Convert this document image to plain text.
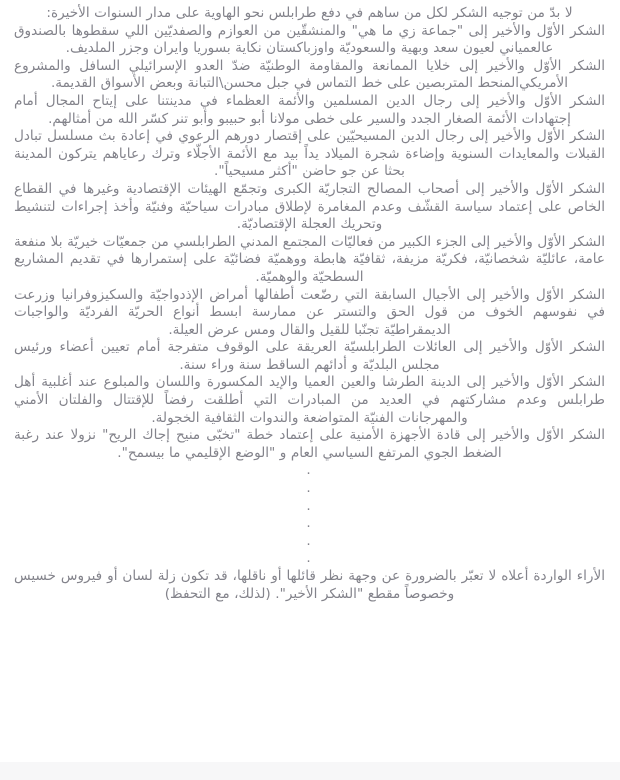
لا بدّ من توجيه الشكر لكل من ساهم في دفع طرابلس نحو الهاوية على مدار السنوات الأخيرة:

الشكر الأوّل والأخير إلى "جماعة زي ما هي" والمنشقّين من العوازم والصفديّين اللي سقطوها بالصندوق عالعمياني لعيون سعد وبهية والسعوديّة واوزباكستان نكاية بسوريا وايران وجزر الملديف.

الشكر الأوّل والأخير إلى خلايا الممانعة والمقاومة الوطنيّة ضدّ العدو الإسرائيلي السافل والمشروع الأمريكي‌المنحط المتربصين على خط التماس في جبل محسن\التبانة وبعض الأسواق القديمة.

الشكر الأوّل والأخير إلى رجال الدين المسلمين والأئمة العظماء في مدينتنا على إيتاح المجال أمام إجتهادات الأئمة الصغار الجدد والسير على خطى مولانا أبو حبيبو وأبو تنر كسّر الله من أمثالهم.

الشكر الأوّل والأخير إلى رجال الدين المسيحيّين على إقتصار دورهم الرعوي في إعادة بث مسلسل تبادل القبلات والمعايدات السنوية وإضاءة شجرة الميلاد يداً بيد مع الأئمة الأجلّاء وترك رعاياهم يتركون المدينة بحثا عن جو حاضن "أكثر مسيحياً".

الشكر الأوّل والأخير إلى أصحاب المصالح التجاريّة الكبرى وتجمّع الهيئات الإقتصادية وغيرها في القطاع الخاص على إعتماد سياسة القشّف وعدم المغامرة لإطلاق مبادرات سياحيّة وفنيّة وأخذ إجراءات لتنشيط وتحريك العجلة الإقتصاديّة.

الشكر الأوّل والأخير إلى الجزء الكبير من فعاليّات المجتمع المدني الطرابلسي من جمعيّات خيريّة بلا منفعة عامة، عائليّة شخصانيّة، فكريّة مزيفة، ثقافيّة هابطة ووهميّة فضائيّة على إستمرارها في تقديم المشاريع السطحيّة والوهميّة.

الشكر الأوّل والأخير إلى الأجيال السابقة التي رضّعت أطفالها أمراض الإذدواجيّة والسكيزوفرانيا وزرعت في نفوسهم الخوف من قول الحق والتستر عن ممارسة ابسط أنواع الحريّة الفرديّة والواجبات الديمقراطيّة تجنّبا للقيل والقال ومس عرض العيلة.

الشكر الأوّل والأخير إلى العائلات الطرابلسيّة العريقة على الوقوف متفرجة أمام تعيين أعضاء ورئيس مجلس البلديّة و أدائهم الساقط سنة وراء سنة.

الشكر الأوّل والأخير إلى الدينة الطرشا والعين العميا والإيد المكسورة واللسان والمبلوع عند أغلبية أهل طرابلس وعدم مشاركتهم في العديد من المبادرات التي أطلقت رفضاً للإقتتال والفلتان الأمني والمهرجانات الفنيّة المتواضعة والندوات الثقافية الخجولة.

الشكر الأوّل والأخير إلى قادة الأجهزة الأمنية على إعتماد خطة "تخبّى منيح إجاك الريح" نزولا عند رغبة الضغط الجوي المرتفع السياسي العام و "الوضع الإقليمي ما بيسمح".

.
.
.
.
.
.

الأراء الواردة أعلاه لا تعبّر بالضرورة عن وجهة نظر قائلها أو ناقلها، قد تكون زلة لسان أو فيروس خسيس وخصوصاً مقطع "الشكر الأخير". (لذلك، مع التحفظ)
